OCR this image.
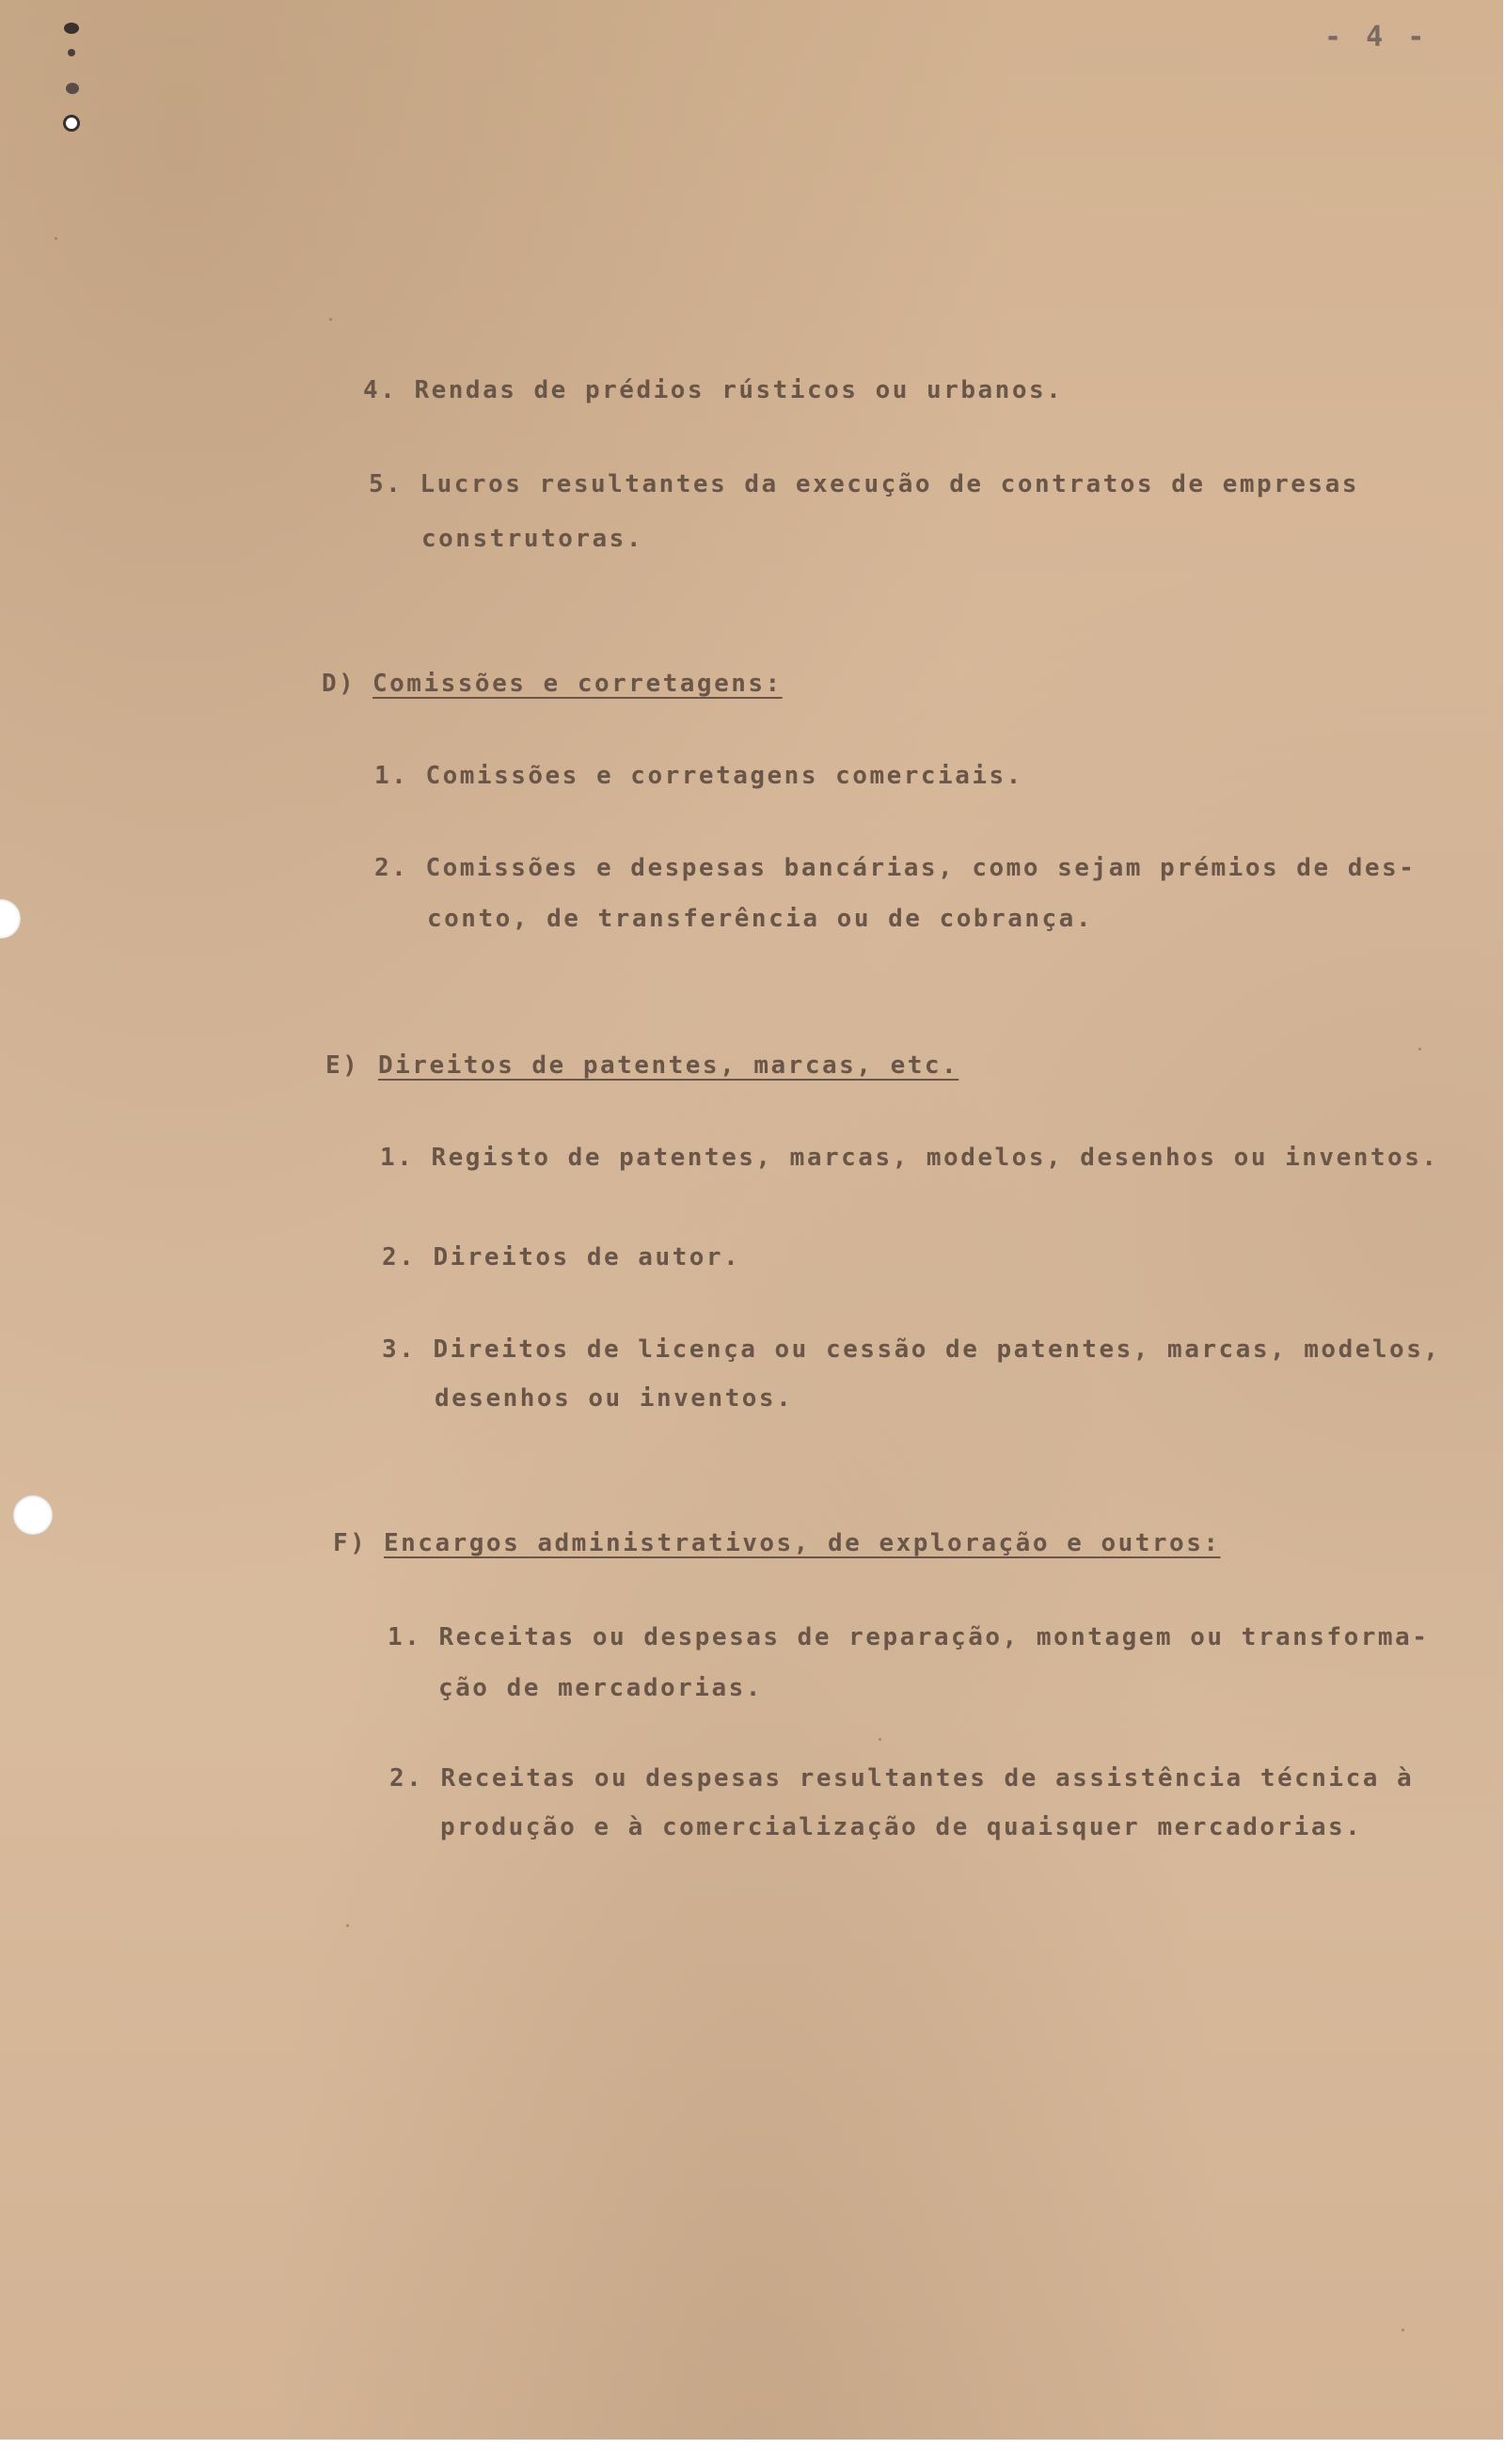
- 4 -

4. Rendas de prédios rústicos ou urbanos.

5. Lucros resultantes da execução de contratos de empresas

construtoras.

D) Comissões e corretagens:

1. Comissões e corretagens comerciais.

2. Comissões e despesas bancárias, como sejam prémios de des-

conto, de transferência ou de cobrança.

E) Direitos de patentes, marcas, etc.

1. Registo de patentes, marcas, modelos, desenhos ou inventos.

2. Direitos de autor.

3. Direitos de licença ou cessão de patentes, marcas, modelos,

desenhos ou inventos.

F) Encargos administrativos, de exploração e outros:

1. Receitas ou despesas de reparação, montagem ou transforma-

ção de mercadorias.

2. Receitas ou despesas resultantes de assistência técnica à

produção e à comercialização de quaisquer mercadorias.
